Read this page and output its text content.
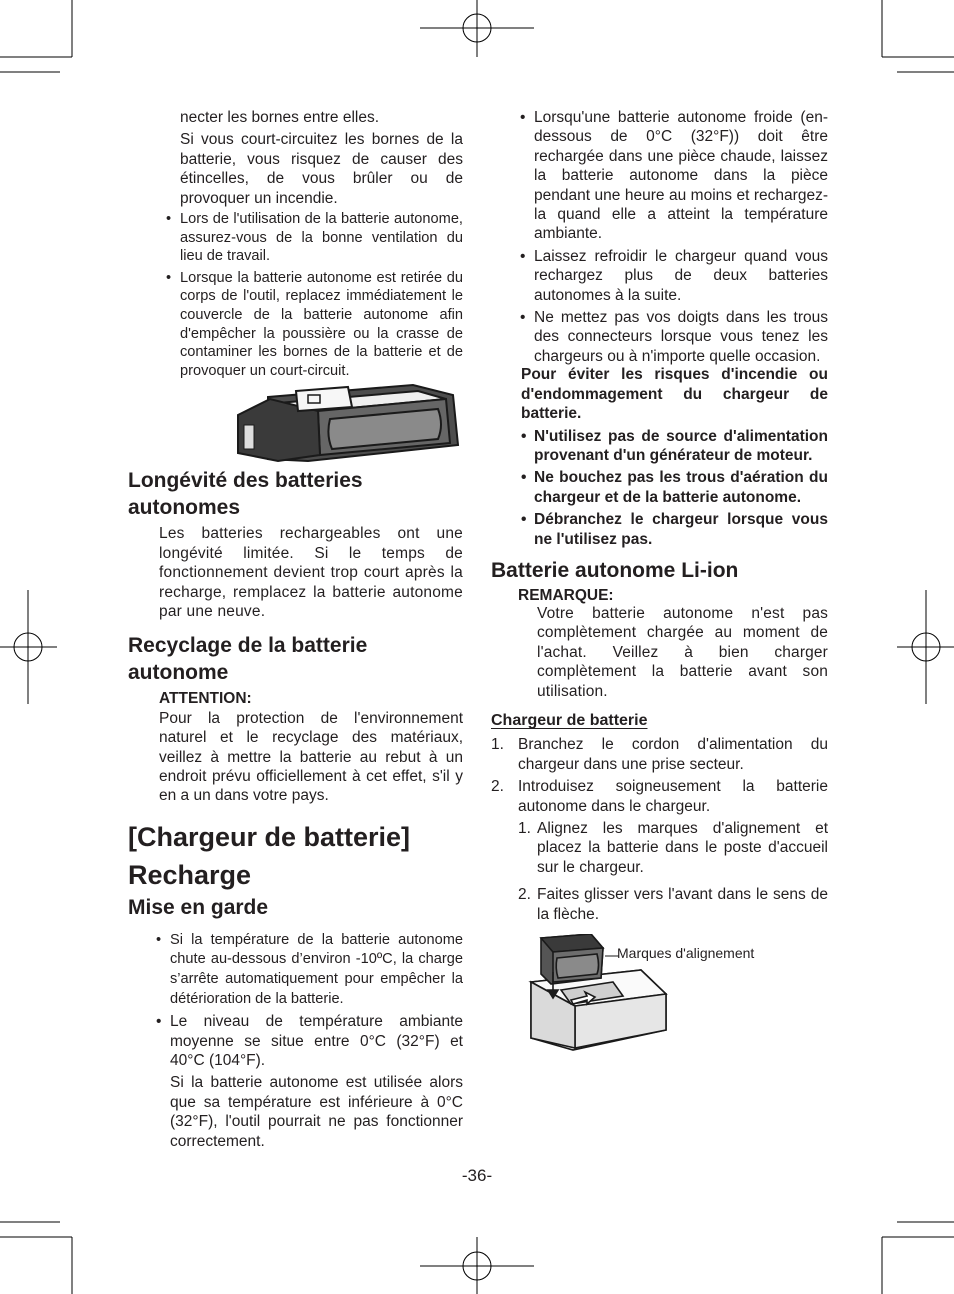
necter les bornes entre elles.

Si vous court-circuitez les bornes de la batterie, vous risquez de causer des étincelles, de vous brûler ou de provoquer un incendie.

• Lors de l'utilisation de la batterie autonome, assurez-vous de la bonne ventilation du lieu de travail.
• Lorsque la batterie autonome est retirée du corps de l'outil, replacez immédiatement le couvercle de la batterie autonome afin d'empêcher la poussière ou la crasse de contaminer les bornes de la batterie et de provoquer un court-circuit.
Longévité des batteries autonomes

Les batteries rechargeables ont une longévité limitée. Si le temps de fonctionnement devient trop court après la recharge, remplacez la batterie autonome par une neuve.

Recyclage de la batterie autonome

ATTENTION:

Pour la protection de l'environnement naturel et le recyclage des matériaux, veillez à mettre la batterie au rebut à un endroit prévu officiellement à cet effet, s'il y en a un dans votre pays.

[Chargeur de batterie]
Recharge
Mise en garde
• Si la température de la batterie autonome chute au-dessous d’environ -10ºC, la charge s’arrête automatiquement pour empêcher la détérioration de la batterie.
• Le niveau de température ambiante moyenne se situe entre 0°C (32°F) et 40°C (104°F).

Si la batterie autonome est utilisée alors que sa température est inférieure à 0°C (32°F), l'outil pourrait ne pas fonctionner correctement.

• Lorsqu'une batterie autonome froide (en-dessous de 0°C (32°F)) doit être rechargée dans une pièce chaude, laissez la batterie autonome dans la pièce pendant une heure au moins et rechargez-la quand elle a atteint la température ambiante.
• Laissez refroidir le chargeur quand vous rechargez plus de deux batteries autonomes à la suite.
• Ne mettez pas vos doigts dans les trous des connecteurs lorsque vous tenez les chargeurs ou à n'importe quelle occasion.

Pour éviter les risques d'incendie ou d'endommagement du chargeur de batterie.

• N'utilisez pas de source d'alimentation provenant d'un générateur de moteur.
• Ne bouchez pas les trous d'aération du chargeur et de la batterie autonome.
• Débranchez le chargeur lorsque vous ne l'utilisez pas.
Batterie autonome Li-ion

REMARQUE:

Votre batterie autonome n'est pas complètement chargée au moment de l'achat. Veillez à bien charger complètement la batterie avant son utilisation.

Chargeur de batterie

1. Branchez le cordon d'alimentation du chargeur dans une prise secteur.
2. Introduisez soigneusement la batterie autonome dans le chargeur.
1. Alignez les marques d'alignement et placez la batterie dans le poste d'accueil sur le chargeur.
2. Faites glisser vers l'avant dans le sens de la flèche.
Marques d'alignement
-36-
